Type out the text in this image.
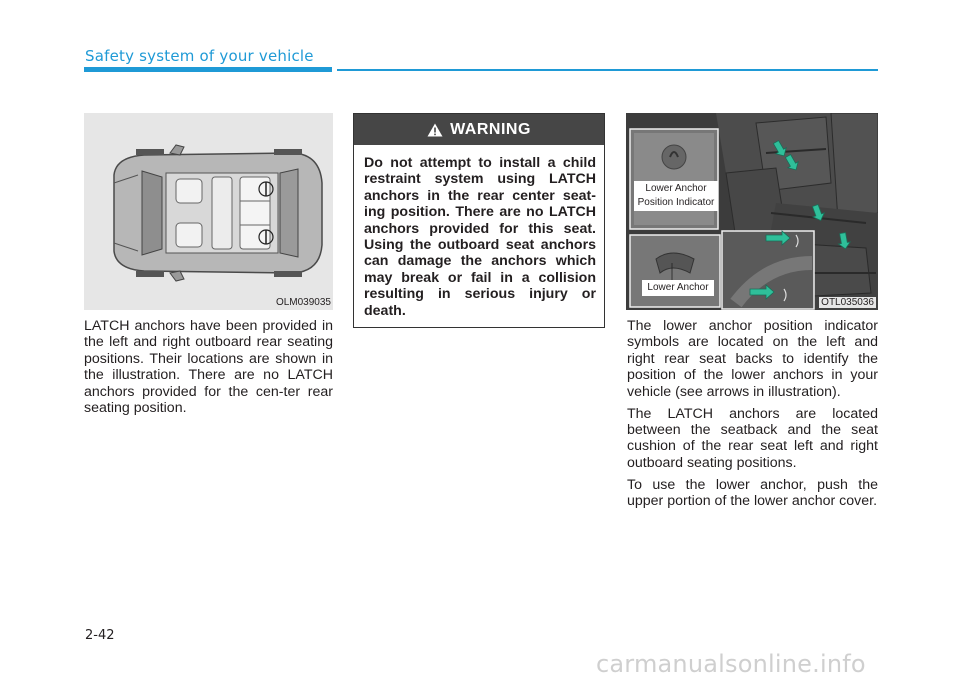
Safety system of your vehicle
OLM039035

LATCH anchors have been provided in the left and right outboard rear seating positions. Their locations are shown in the illustration. There are no LATCH anchors provided for the cen-ter rear seating position.

WARNING
Do not attempt to install a child restraint system using LATCH anchors in the rear center seat-ing position. There are no LATCH anchors provided for this seat. Using the outboard seat anchors can damage the anchors which may break or fail in a collision resulting in serious injury or death.
Lower Anchor
Position Indicator
Lower Anchor
OTL035036

The lower anchor position indicator symbols are located on the left and right rear seat backs to identify the position of the lower anchors in your vehicle (see arrows in illustration).

The LATCH anchors are located between the seatback and the seat cushion of the rear seat left and right outboard seating positions.

To use the lower anchor, push the upper portion of the lower anchor cover.

2-42
carmanualsonline.info
